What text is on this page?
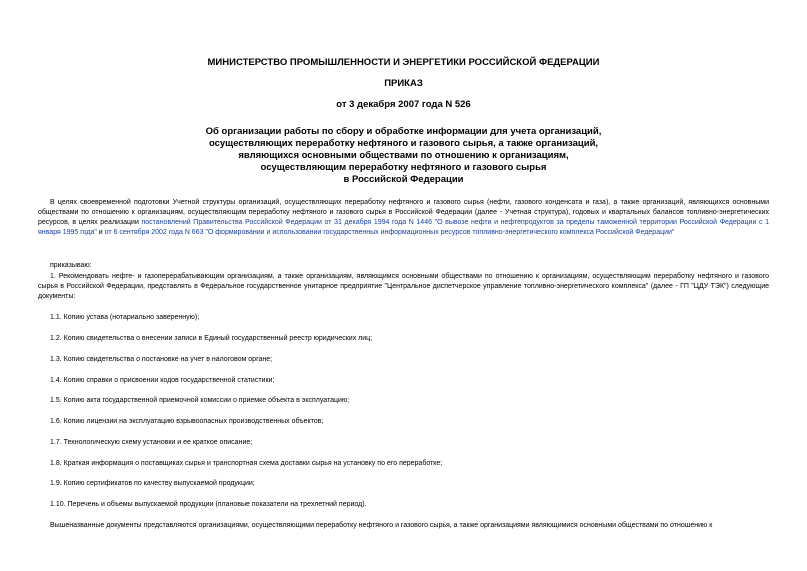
МИНИСТЕРСТВО ПРОМЫШЛЕННОСТИ И ЭНЕРГЕТИКИ РОССИЙСКОЙ ФЕДЕРАЦИИ
ПРИКАЗ
от 3 декабря 2007 года N 526
Об организации работы по сбору и обработке информации для учета организаций,
осуществляющих переработку нефтяного и газового сырья, а также организаций,
являющихся основными обществами по отношению к организациям,
осуществляющим переработку нефтяного и газового сырья
в Российской Федерации
В целях своевременной подготовки Учетной структуры организаций, осуществляющих переработку нефтяного и газового сырья (нефти, газового конденсата и газа), а также организаций, являющихся основными обществами по отношению к организациям, осуществляющим переработку нефтяного и газового сырья в Российской Федерации (далее - Учетная структура), годовых и квартальных балансов топливно-энергетических ресурсов, в целях реализации постановлений Правительства Российской Федерации от 31 декабря 1994 года N 1446 "О вывозе нефти и нефтепродуктов за пределы таможенной территории Российской Федерации с 1 января 1995 года" и от 6 сентября 2002 года N 663 "О формировании и использовании государственных информационных ресурсов топливно-энергетического комплекса Российской Федерации"
приказываю:
1. Рекомендовать нефте- и газоперерабатывающим организациям, а также организациям, являющимся основными обществами по отношению к организациям, осуществляющим переработку нефтяного и газового сырья в Российской Федерации, представлять в Федеральное государственное унитарное предприятие "Центральное диспетчерское управление топливно-энергетического комплекса" (далее - ГП "ЦДУ ТЭК") следующие документы:
1.1. Копию устава (нотариально заверенную);
1.2. Копию свидетельства о внесении записи в Единый государственный реестр юридических лиц;
1.3. Копию свидетельства о постановке на учет в налоговом органе;
1.4. Копию справки о присвоении кодов государственной статистики;
1.5. Копию акта государственной приемочной комиссии о приемке объекта в эксплуатацию;
1.6. Копию лицензии на эксплуатацию взрывоопасных производственных объектов;
1.7. Технологическую схему установки и ее краткое описание;
1.8. Краткая информация о поставщиках сырья и транспортная схема доставки сырья на установку по его переработке;
1.9. Копию сертификатов по качеству выпускаемой продукции;
1.10. Перечень и объемы выпускаемой продукции (плановые показатели на трехлетний период).
Вышеназванные документы представляются организациями, осуществляющими переработку нефтяного и газового сырья, а также организациями являющимися основными обществами по отношению к
